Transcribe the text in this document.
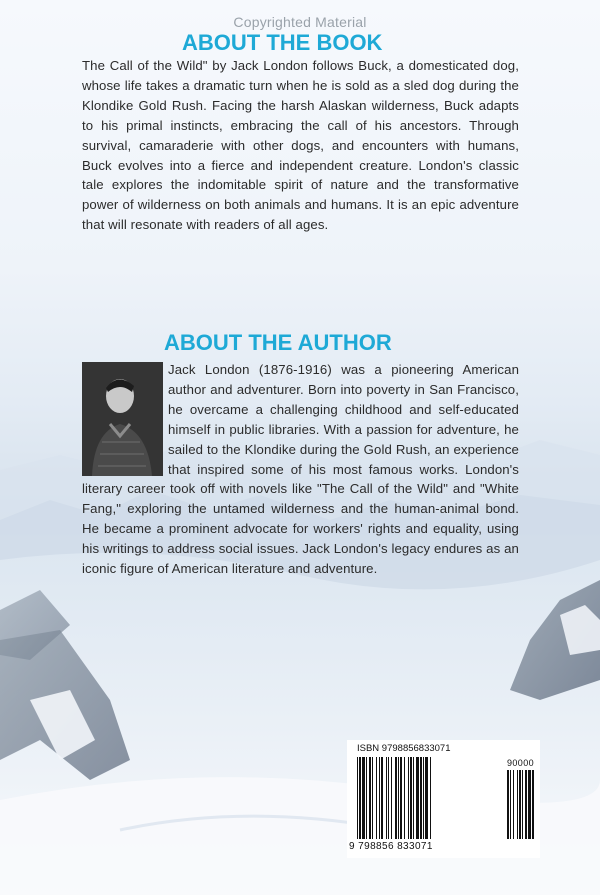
Copyrighted Material
ABOUT THE BOOK

The Call of the Wild" by Jack London follows Buck, a domesticated dog, whose life takes a dramatic turn when he is sold as a sled dog during the Klondike Gold Rush. Facing the harsh Alaskan wilderness, Buck adapts to his primal instincts, embracing the call of his ancestors. Through survival, camaraderie with other dogs, and encounters with humans, Buck evolves into a fierce and independent creature. London's classic tale explores the indomitable spirit of nature and the transformative power of wilderness on both animals and humans. It is an epic adventure that will resonate with readers of all ages.

ABOUT THE AUTHOR
Jack London (1876-1916) was a pioneering American author and adventurer. Born into poverty in San Francisco, he overcame a challenging childhood and self-educated himself in public libraries. With a passion for adventure, he sailed to the Klondike during the Gold Rush, an experience that inspired some of his most famous works. London's literary career took off with novels like "The Call of the Wild" and "White Fang," exploring the untamed wilderness and the human-animal bond. He became a prominent advocate for workers' rights and equality, using his writings to address social issues. Jack London's legacy endures as an iconic figure of American literature and adventure.
ISBN 9798856833071
90000
9 798856 833071
